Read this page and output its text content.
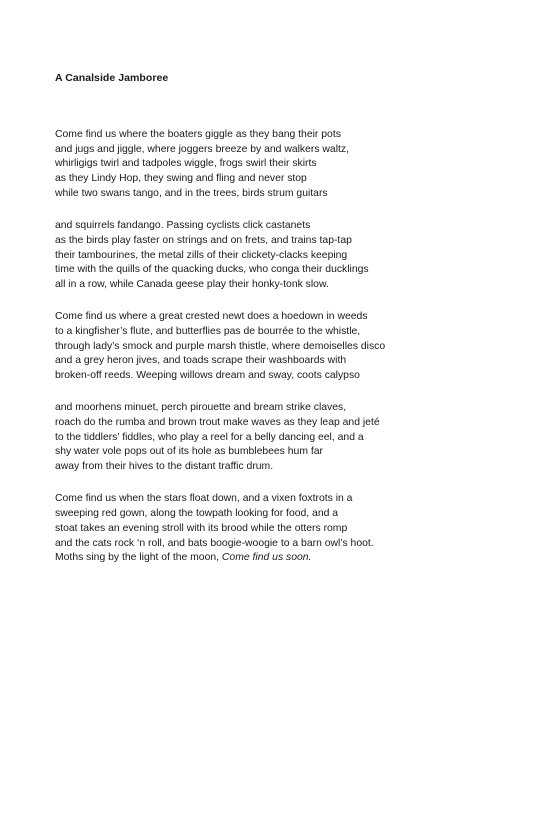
A Canalside Jamboree
Come find us where the boaters giggle as they bang their pots
and jugs and jiggle, where joggers breeze by and walkers waltz,
whirligigs twirl and tadpoles wiggle, frogs swirl their skirts
as they Lindy Hop, they swing and fling and never stop
while two swans tango, and in the trees, birds strum guitars
and squirrels fandango. Passing cyclists click castanets
as the birds play faster on strings and on frets, and trains tap-tap
their tambourines, the metal zills of their clickety-clacks keeping
time with the quills of the quacking ducks, who conga their ducklings
all in a row, while Canada geese play their honky-tonk slow.
Come find us where a great crested newt does a hoedown in weeds
to a kingfisher’s flute, and butterflies pas de bourrée to the whistle,
through lady’s smock and purple marsh thistle, where demoiselles disco
and a grey heron jives, and toads scrape their washboards with
broken-off reeds. Weeping willows dream and sway, coots calypso
and moorhens minuet, perch pirouette and bream strike claves,
roach do the rumba and brown trout make waves as they leap and jeté
to the tiddlers’ fiddles, who play a reel for a belly dancing eel, and a
shy water vole pops out of its hole as bumblebees hum far
away from their hives to the distant traffic drum.
Come find us when the stars float down, and a vixen foxtrots in a
sweeping red gown, along the towpath looking for food, and a
stoat takes an evening stroll with its brood while the otters romp
and the cats rock ‘n roll, and bats boogie-woogie to a barn owl’s hoot.
Moths sing by the light of the moon, Come find us soon.
